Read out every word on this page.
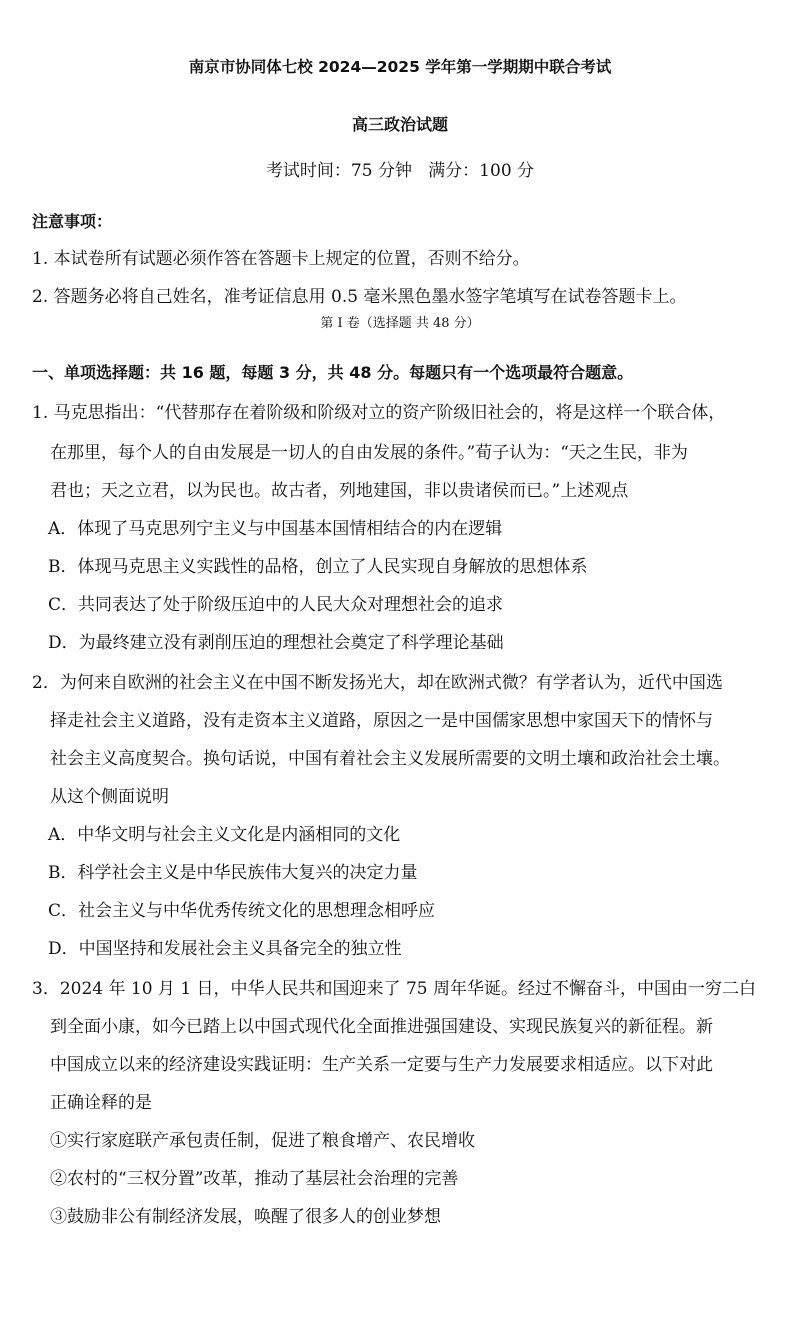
南京市协同体七校 2024—2025 学年第一学期期中联合考试
高三政治试题
考试时间：75 分钟   满分：100 分
注意事项：
1. 本试卷所有试题必须作答在答题卡上规定的位置，否则不给分。
2. 答题务必将自己姓名，准考证信息用 0.5 毫米黑色墨水签字笔填写在试卷答题卡上。
第 I 卷（选择题 共 48 分）
一、单项选择题：共 16 题，每题 3 分，共 48 分。每题只有一个选项最符合题意。
1. 马克思指出：“代替那存在着阶级和阶级对立的资产阶级旧社会的，将是这样一个联合体，
在那里，每个人的自由发展是一切人的自由发展的条件。”荀子认为：“天之生民，非为
君也；天之立君，以为民也。故古者，列地建国，非以贵诸侯而已。”上述观点
A．体现了马克思列宁主义与中国基本国情相结合的内在逻辑
B．体现马克思主义实践性的品格，创立了人民实现自身解放的思想体系
C．共同表达了处于阶级压迫中的人民大众对理想社会的追求
D．为最终建立没有剥削压迫的理想社会奠定了科学理论基础
2．为何来自欧洲的社会主义在中国不断发扬光大，却在欧洲式微？有学者认为，近代中国选
择走社会主义道路，没有走资本主义道路，原因之一是中国儒家思想中家国天下的情怀与
社会主义高度契合。换句话说，中国有着社会主义发展所需要的文明土壤和政治社会土壤。
从这个侧面说明
A．中华文明与社会主义文化是内涵相同的文化
B．科学社会主义是中华民族伟大复兴的决定力量
C．社会主义与中华优秀传统文化的思想理念相呼应
D．中国坚持和发展社会主义具备完全的独立性
3．2024 年 10 月 1 日，中华人民共和国迎来了 75 周年华诞。经过不懈奋斗，中国由一穷二白
到全面小康，如今已踏上以中国式现代化全面推进强国建设、实现民族复兴的新征程。新
中国成立以来的经济建设实践证明：生产关系一定要与生产力发展要求相适应。以下对此
正确诠释的是
①实行家庭联产承包责任制，促进了粮食增产、农民增收
②农村的“三权分置”改革，推动了基层社会治理的完善
③鼓励非公有制经济发展，唤醒了很多人的创业梦想
